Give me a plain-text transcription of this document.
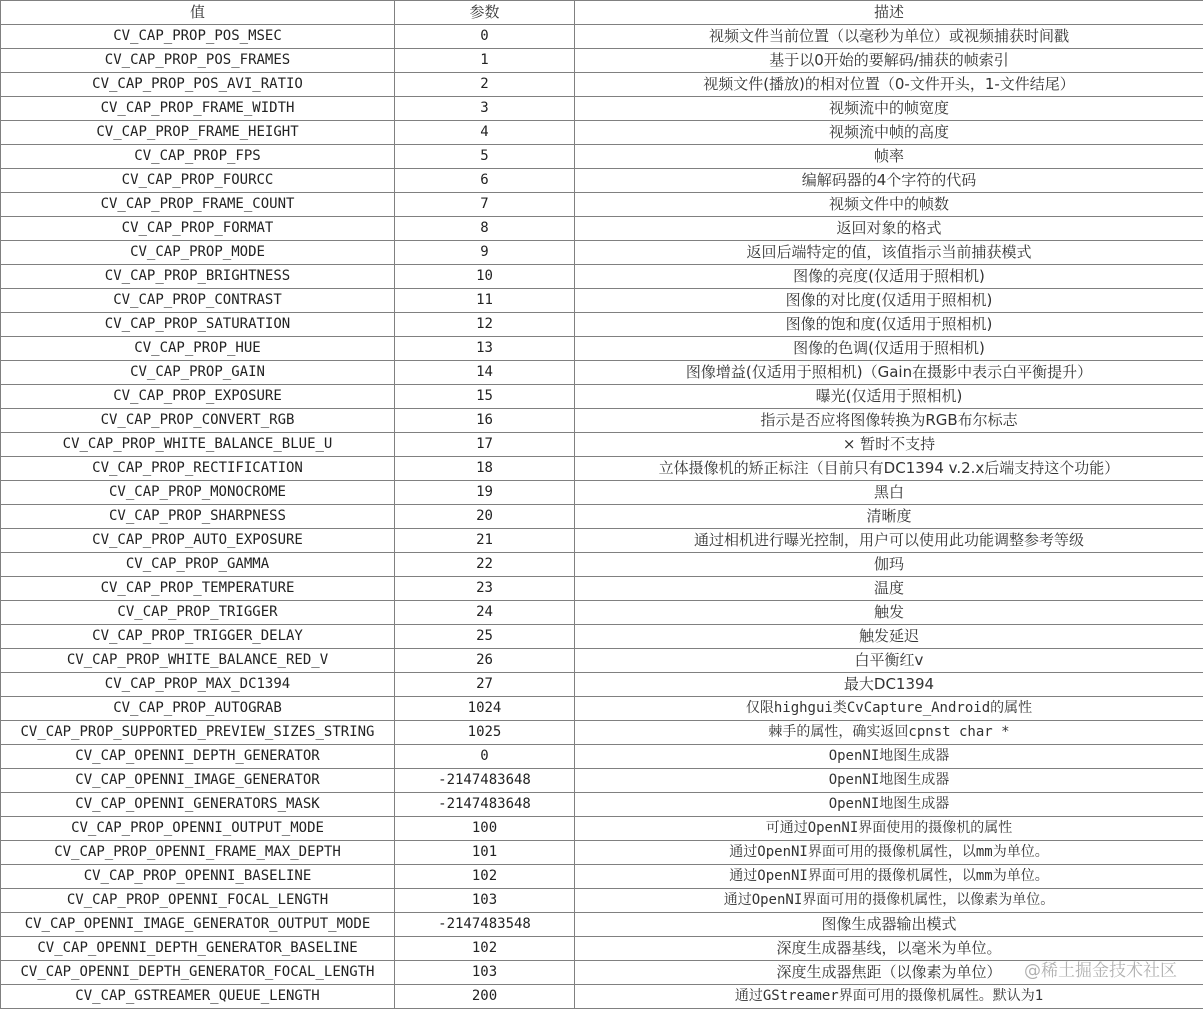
值	参数	描述
CV_CAP_PROP_POS_MSEC	0	视频文件当前位置（以毫秒为单位）或视频捕获时间戳
CV_CAP_PROP_POS_FRAMES	1	基于以0开始的要解码/捕获的帧索引
CV_CAP_PROP_POS_AVI_RATIO	2	视频文件(播放)的相对位置（0-文件开头，1-文件结尾）
CV_CAP_PROP_FRAME_WIDTH	3	视频流中的帧宽度
CV_CAP_PROP_FRAME_HEIGHT	4	视频流中帧的高度
CV_CAP_PROP_FPS	5	帧率
CV_CAP_PROP_FOURCC	6	编解码器的4个字符的代码
CV_CAP_PROP_FRAME_COUNT	7	视频文件中的帧数
CV_CAP_PROP_FORMAT	8	返回对象的格式
CV_CAP_PROP_MODE	9	返回后端特定的值，该值指示当前捕获模式
CV_CAP_PROP_BRIGHTNESS	10	图像的亮度(仅适用于照相机)
CV_CAP_PROP_CONTRAST	11	图像的对比度(仅适用于照相机)
CV_CAP_PROP_SATURATION	12	图像的饱和度(仅适用于照相机)
CV_CAP_PROP_HUE	13	图像的色调(仅适用于照相机)
CV_CAP_PROP_GAIN	14	图像增益(仅适用于照相机)（Gain在摄影中表示白平衡提升）
CV_CAP_PROP_EXPOSURE	15	曝光(仅适用于照相机)
CV_CAP_PROP_CONVERT_RGB	16	指示是否应将图像转换为RGB布尔标志
CV_CAP_PROP_WHITE_BALANCE_BLUE_U	17	× 暂时不支持
CV_CAP_PROP_RECTIFICATION	18	立体摄像机的矫正标注（目前只有DC1394 v.2.x后端支持这个功能）
CV_CAP_PROP_MONOCROME	19	黑白
CV_CAP_PROP_SHARPNESS	20	清晰度
CV_CAP_PROP_AUTO_EXPOSURE	21	通过相机进行曝光控制，用户可以使用此功能调整参考等级
CV_CAP_PROP_GAMMA	22	伽玛
CV_CAP_PROP_TEMPERATURE	23	温度
CV_CAP_PROP_TRIGGER	24	触发
CV_CAP_PROP_TRIGGER_DELAY	25	触发延迟
CV_CAP_PROP_WHITE_BALANCE_RED_V	26	白平衡红v
CV_CAP_PROP_MAX_DC1394	27	最大DC1394
CV_CAP_PROP_AUTOGRAB	1024	仅限highgui类CvCapture_Android的属性
CV_CAP_PROP_SUPPORTED_PREVIEW_SIZES_STRING	1025	棘手的属性，确实返回cpnst char *
CV_CAP_OPENNI_DEPTH_GENERATOR	0	OpenNI地图生成器
CV_CAP_OPENNI_IMAGE_GENERATOR	-2147483648	OpenNI地图生成器
CV_CAP_OPENNI_GENERATORS_MASK	-2147483648	OpenNI地图生成器
CV_CAP_PROP_OPENNI_OUTPUT_MODE	100	可通过OpenNI界面使用的摄像机的属性
CV_CAP_PROP_OPENNI_FRAME_MAX_DEPTH	101	通过OpenNI界面可用的摄像机属性，以mm为单位。
CV_CAP_PROP_OPENNI_BASELINE	102	通过OpenNI界面可用的摄像机属性，以mm为单位。
CV_CAP_PROP_OPENNI_FOCAL_LENGTH	103	通过OpenNI界面可用的摄像机属性，以像素为单位。
CV_CAP_OPENNI_IMAGE_GENERATOR_OUTPUT_MODE	-2147483548	图像生成器输出模式
CV_CAP_OPENNI_DEPTH_GENERATOR_BASELINE	102	深度生成器基线，以毫米为单位。
CV_CAP_OPENNI_DEPTH_GENERATOR_FOCAL_LENGTH	103	深度生成器焦距（以像素为单位）
CV_CAP_GSTREAMER_QUEUE_LENGTH	200	通过GStreamer界面可用的摄像机属性。默认为1
@稀土掘金技术社区
